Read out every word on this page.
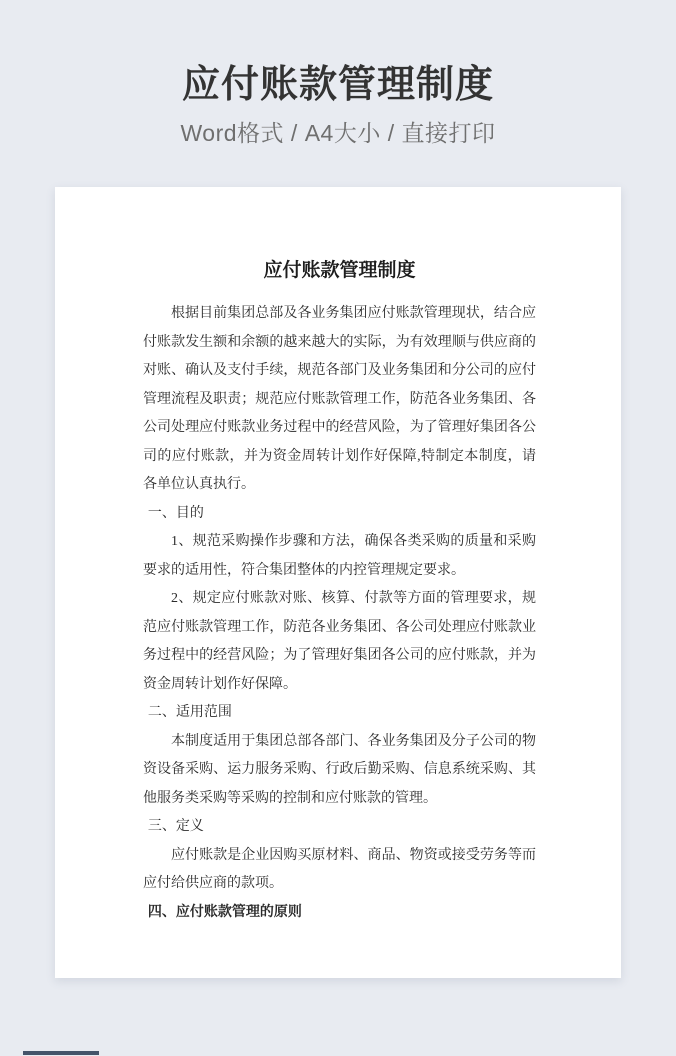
应付账款管理制度

Word格式 / A4大小 / 直接打印

应付账款管理制度

根据目前集团总部及各业务集团应付账款管理现状，结合应付账款发生额和余额的越来越大的实际，为有效理顺与供应商的对账、确认及支付手续，规范各部门及业务集团和分公司的应付管理流程及职责；规范应付账款管理工作，防范各业务集团、各公司处理应付账款业务过程中的经营风险，为了管理好集团各公司的应付账款，并为资金周转计划作好保障,特制定本制度，请各单位认真执行。

一、目的

1、规范采购操作步骤和方法，确保各类采购的质量和采购要求的适用性，符合集团整体的内控管理规定要求。

2、规定应付账款对账、核算、付款等方面的管理要求，规范应付账款管理工作，防范各业务集团、各公司处理应付账款业务过程中的经营风险；为了管理好集团各公司的应付账款，并为资金周转计划作好保障。

二、适用范围

本制度适用于集团总部各部门、各业务集团及分子公司的物资设备采购、运力服务采购、行政后勤采购、信息系统采购、其他服务类采购等采购的控制和应付账款的管理。

三、定义

应付账款是企业因购买原材料、商品、物资或接受劳务等而应付给供应商的款项。

四、应付账款管理的原则
